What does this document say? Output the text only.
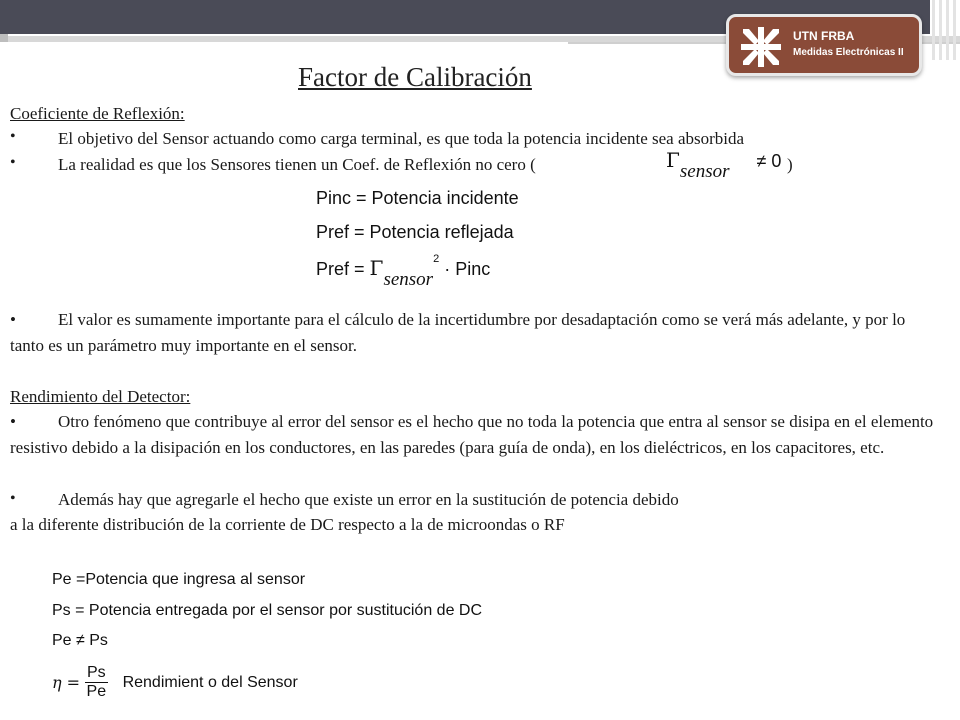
UTN FRBA
Medidas Electrónicas II
Factor de Calibración
Coeficiente de Reflexión:
• El objetivo del Sensor actuando como carga terminal, es que toda la potencia incidente sea absorbida
• La realidad es que los Sensores tienen un Coef. de Reflexión no cero (	Γsensor ≠ 0 )
Pinc = Potencia incidente
Pref = Potencia reflejada
Pref = Γsensor$^2$ · Pinc
• El valor es sumamente importante para el cálculo de la incertidumbre por desadaptación como se verá más adelante, y por lo tanto es un parámetro muy importante en el sensor.
Rendimiento del Detector:
• Otro fenómeno que contribuye al error del sensor es el hecho que no toda la potencia que entra al sensor se disipa en el elemento resistivo debido a la disipación en los conductores, en las paredes (para guía de onda), en los dieléctricos, en los capacitores, etc.
• Además hay que agregarle el hecho que existe un error en la sustitución de potencia debido
a la diferente distribución de la corriente de DC respecto a la de microondas o RF
Pe =Potencia que ingresa al sensor
Ps = Potencia entregada por el sensor por sustitución de DC
Pe ≠ Ps
$\eta = \frac{Ps}{Pe}$ Rendimient o del Sensor
